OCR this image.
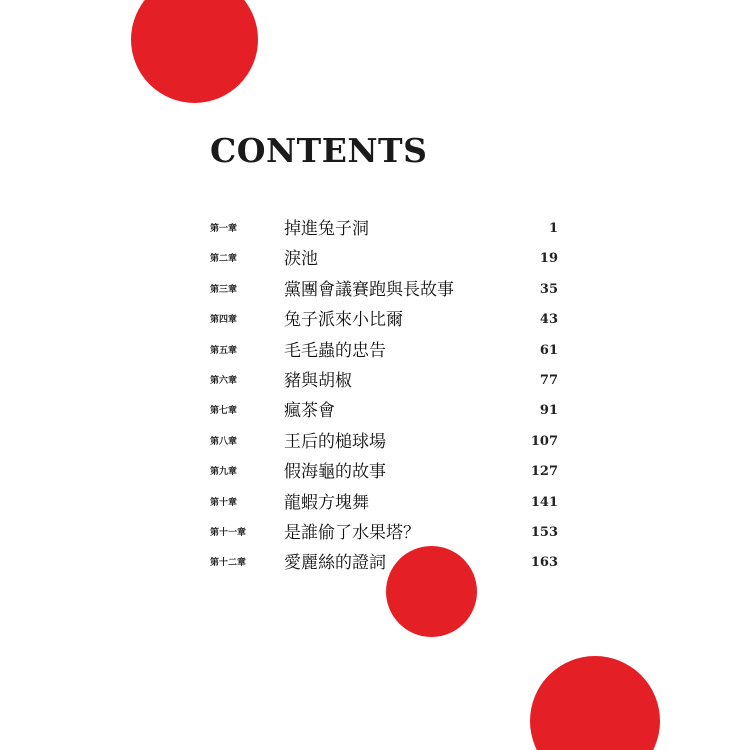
CONTENTS
第一章	掉進兔子洞	1
第二章	淚池	19
第三章	黨團會議賽跑與長故事	35
第四章	兔子派來小比爾	43
第五章	毛毛蟲的忠告	61
第六章	豬與胡椒	77
第七章	瘋茶會	91
第八章	王后的槌球場	107
第九章	假海龜的故事	127
第十章	龍蝦方塊舞	141
第十一章 是誰偷了水果塔？	153
第十二章 愛麗絲的證詞	163
